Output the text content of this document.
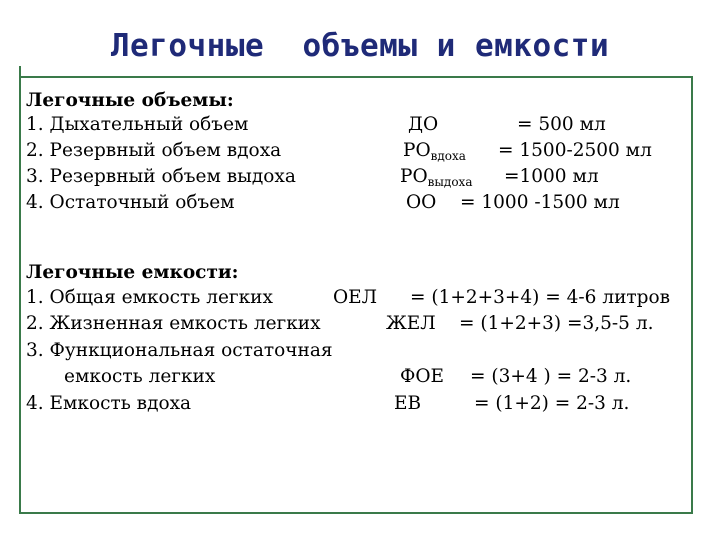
Легочные  объемы и емкости
Легочные объемы:
1. Дыхательный объем	ДО	= 500 мл
2. Резервный объем вдоха	$РО_{вдоха} = 1500-2500$ мл
3. Резервный объем выдоха	$РО_{выдоха} =1000$ мл
4. Остаточный объем	ОО = 1000 -1500 мл
Легочные емкости:
1. Общая емкость легких	ОЕЛ = (1+2+3+4) = 4-6 литров
2. Жизненная емкость легких	ЖЕЛ = (1+2+3) =3,5-5 л.
3. Функциональная остаточная
емкость легких	ФОЕ = (3+4 ) = 2-3 л.
4. Емкость вдоха	ЕВ	= (1+2) = 2-3 л.
